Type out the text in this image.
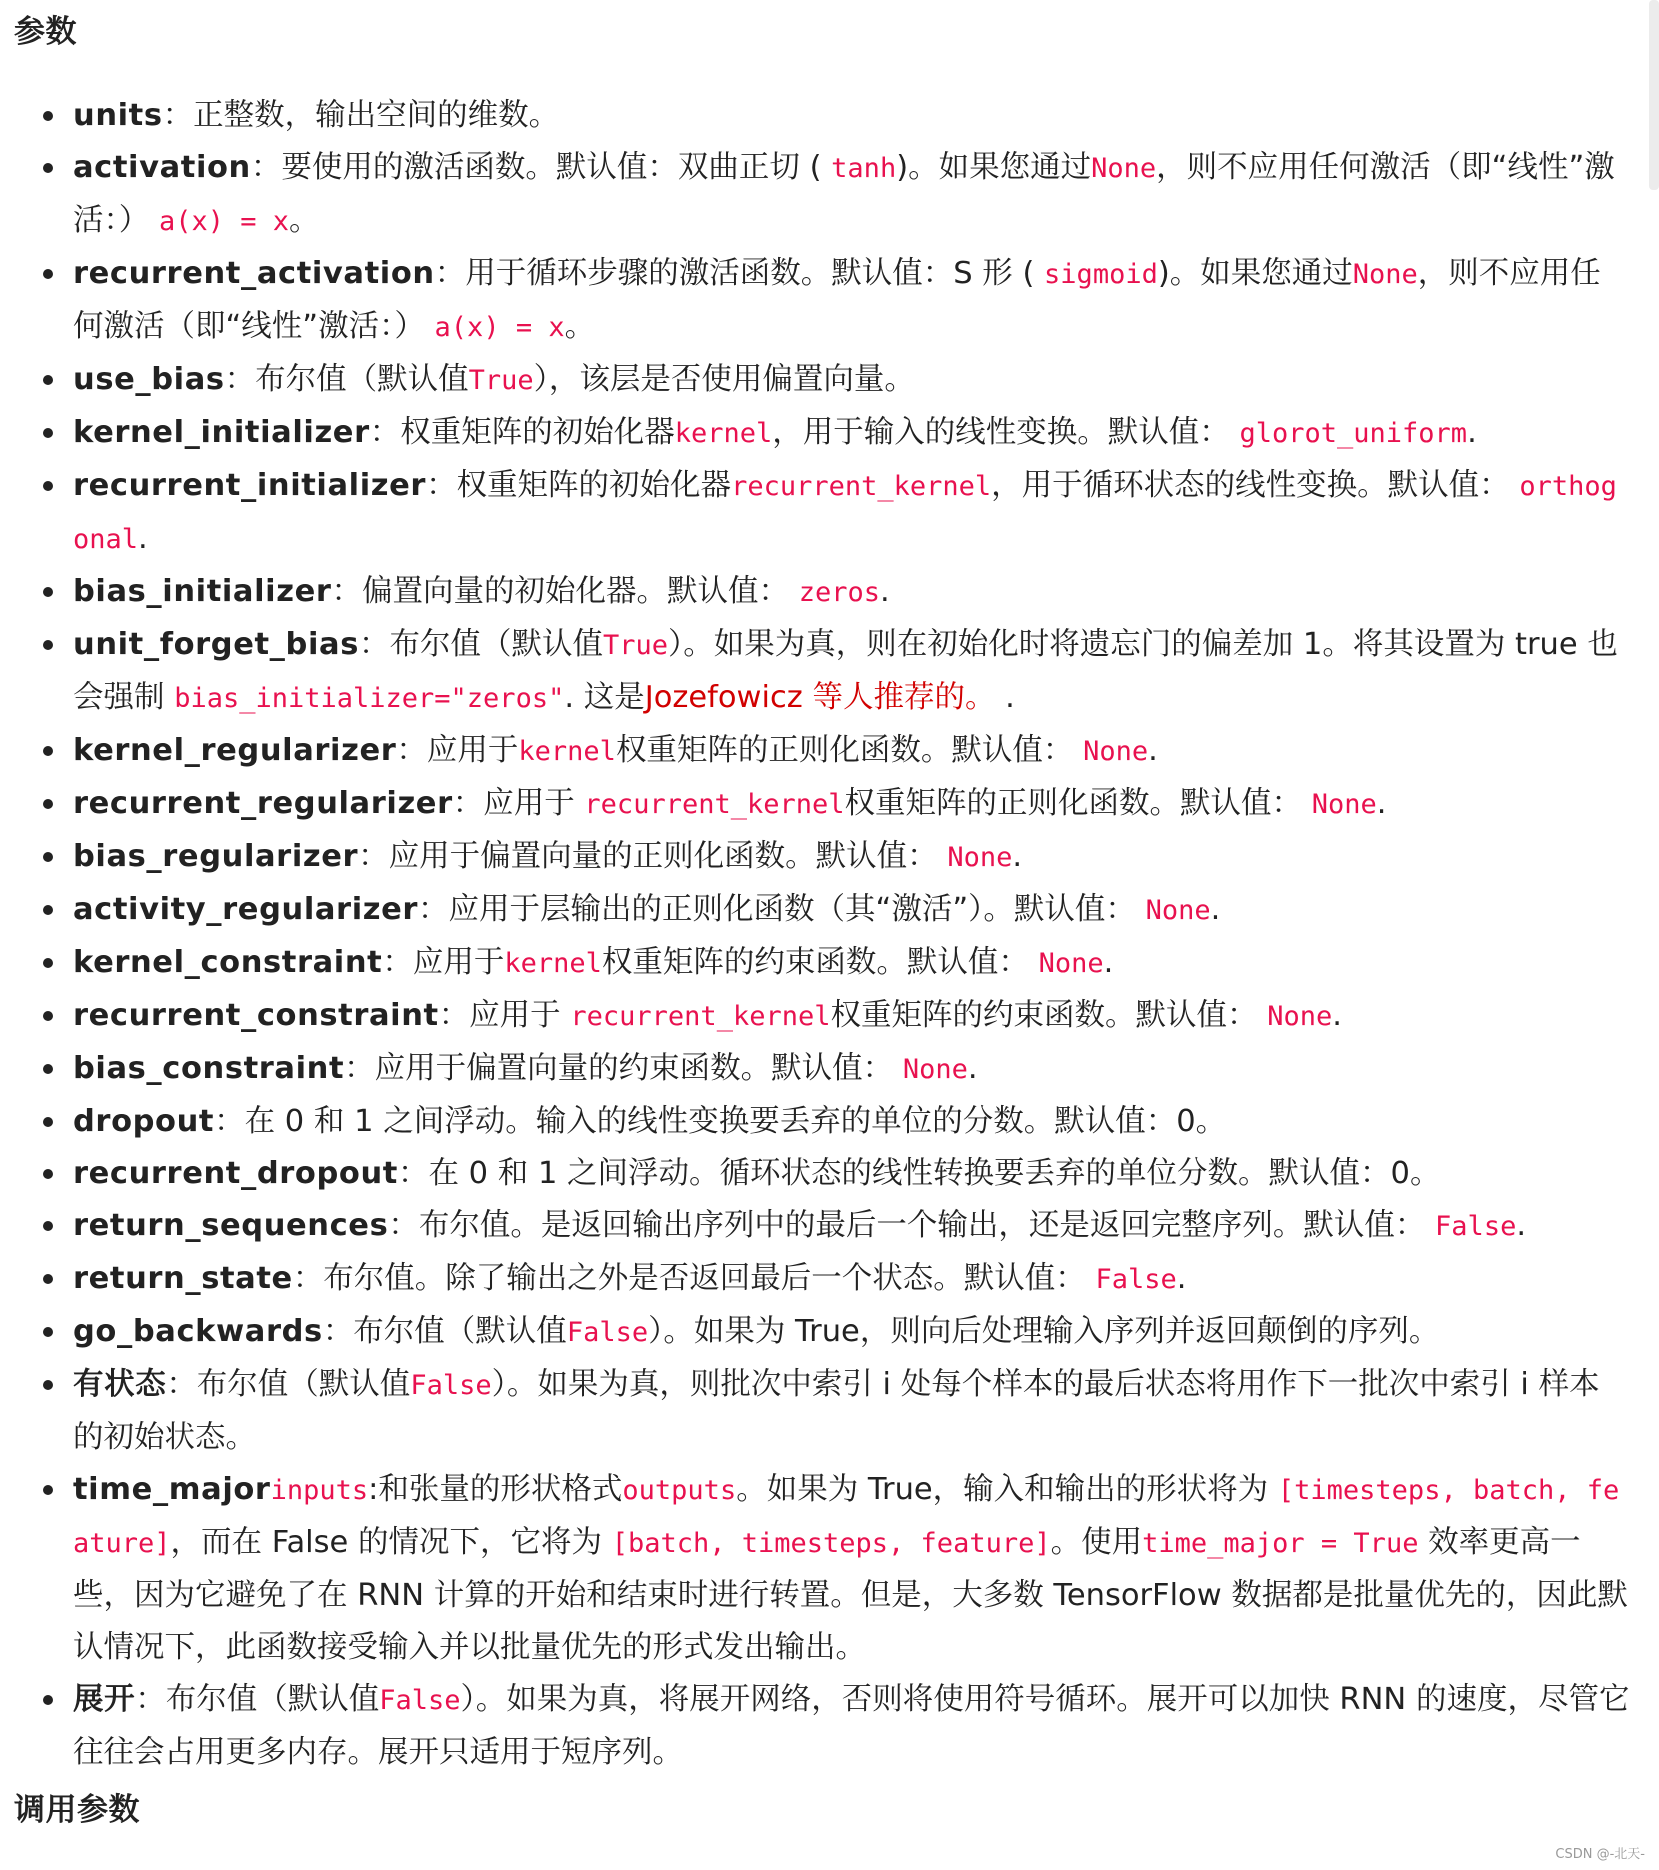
参数
units：正整数，输出空间的维数。
activation：要使用的激活函数。默认值：双曲正切 ( tanh)。如果您通过None，则不应用任何激活（即“线性”激活：） a(x) = x。
recurrent_activation：用于循环步骤的激活函数。默认值：S 形 ( sigmoid)。如果您通过None，则不应用任何激活（即“线性”激活：） a(x) = x。
use_bias：布尔值（默认值True），该层是否使用偏置向量。
kernel_initializer：权重矩阵的初始化器kernel，用于输入的线性变换。默认值： glorot_uniform.
recurrent_initializer：权重矩阵的初始化器recurrent_kernel，用于循环状态的线性变换。默认值： orthogonal.
bias_initializer：偏置向量的初始化器。默认值： zeros.
unit_forget_bias：布尔值（默认值True）。如果为真，则在初始化时将遗忘门的偏差加 1。将其设置为 true 也会强制 bias_initializer="zeros". 这是Jozefowicz 等人推荐的。 .
kernel_regularizer：应用于kernel权重矩阵的正则化函数。默认值： None.
recurrent_regularizer：应用于 recurrent_kernel权重矩阵的正则化函数。默认值： None.
bias_regularizer：应用于偏置向量的正则化函数。默认值： None.
activity_regularizer：应用于层输出的正则化函数（其“激活”）。默认值： None.
kernel_constraint：应用于kernel权重矩阵的约束函数。默认值： None.
recurrent_constraint：应用于 recurrent_kernel权重矩阵的约束函数。默认值： None.
bias_constraint：应用于偏置向量的约束函数。默认值： None.
dropout：在 0 和 1 之间浮动。输入的线性变换要丢弃的单位的分数。默认值：0。
recurrent_dropout：在 0 和 1 之间浮动。循环状态的线性转换要丢弃的单位分数。默认值：0。
return_sequences：布尔值。是返回输出序列中的最后一个输出，还是返回完整序列。默认值： False.
return_state：布尔值。除了输出之外是否返回最后一个状态。默认值： False.
go_backwards：布尔值（默认值False）。如果为 True，则向后处理输入序列并返回颠倒的序列。
有状态：布尔值（默认值False）。如果为真，则批次中索引 i 处每个样本的最后状态将用作下一批次中索引 i 样本的初始状态。
time_majorinputs:和张量的形状格式outputs。如果为 True，输入和输出的形状将为 [timesteps, batch, feature]，而在 False 的情况下，它将为 [batch, timesteps, feature]。使用time_major = True 效率更高一些，因为它避免了在 RNN 计算的开始和结束时进行转置。但是，大多数 TensorFlow 数据都是批量优先的，因此默认情况下，此函数接受输入并以批量优先的形式发出输出。
展开：布尔值（默认值False）。如果为真，将展开网络，否则将使用符号循环。展开可以加快 RNN 的速度，尽管它往往会占用更多内存。展开只适用于短序列。
调用参数
CSDN @-北天-
